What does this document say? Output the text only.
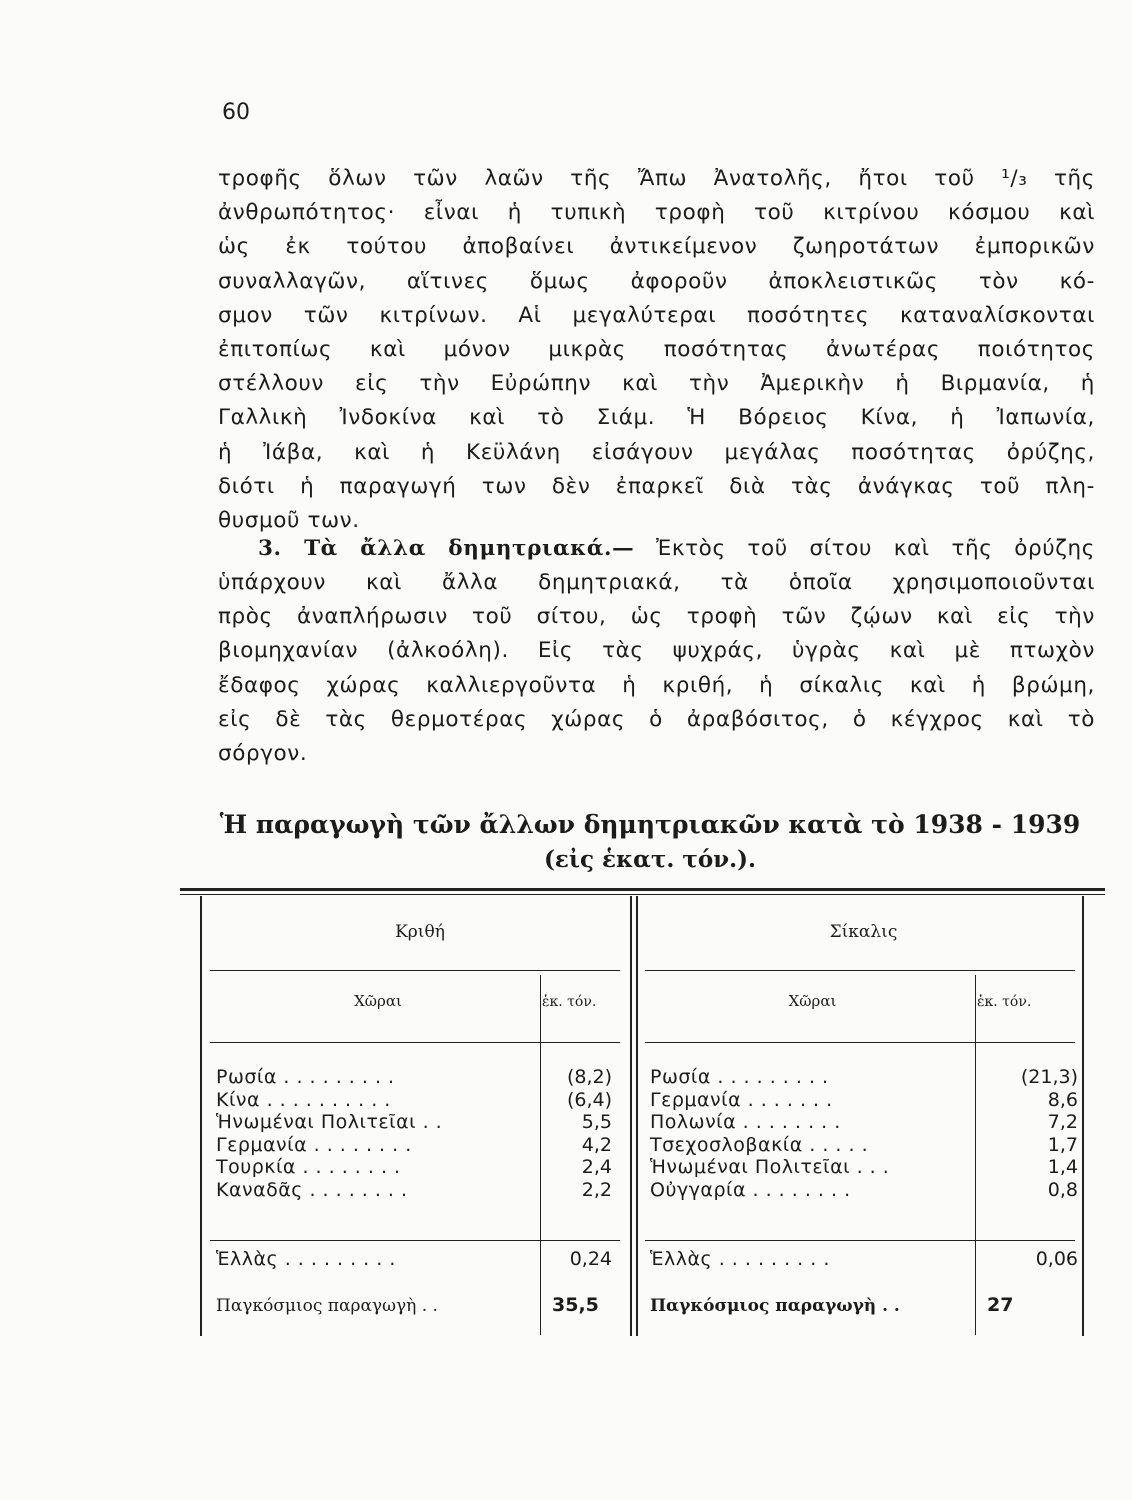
60
3. Τὰ ἄλλα δημητριακά.— Ἐκτὸς τοῦ σίτου καὶ τῆς ὀρύζης
Ἡ παραγωγὴ τῶν ἄλλων δημητριακῶν κατὰ τὸ 1938 - 1939
(εἰς ἑκατ. τόν.).
τροφῆς ὅλων τῶν λαῶν τῆς Ἄπω Ἀνατολῆς, ἤτοι τοῦ ¹/₃ τῆς
ἀνθρωπότητος· εἶναι ἡ τυπικὴ τροφὴ τοῦ κιτρίνου κόσμου καὶ
ὡς ἐκ τούτου ἀποβαίνει ἀντικείμενον ζωηροτάτων ἐμπορικῶν
συναλλαγῶν, αἵτινες ὅμως ἀφοροῦν ἀποκλειστικῶς τὸν κό-
σμον τῶν κιτρίνων. Αἱ μεγαλύτεραι ποσότητες καταναλίσκονται
ἐπιτοπίως καὶ μόνον μικρὰς ποσότητας ἀνωτέρας ποιότητος
στέλλουν εἰς τὴν Εὐρώπην καὶ τὴν Ἀμερικὴν ἡ Βιρμανία, ἡ
Γαλλικὴ Ἰνδοκίνα καὶ τὸ Σιάμ. Ἡ Βόρειος Κίνα, ἡ Ἰαπωνία,
ἡ Ἰάβα, καὶ ἡ Κεϋλάνη εἰσάγουν μεγάλας ποσότητας ὀρύζης,
διότι ἡ παραγωγή των δὲν ἐπαρκεῖ διὰ τὰς ἀνάγκας τοῦ πλη-
θυσμοῦ των.
ὑπάρχουν καὶ ἄλλα δημητριακά, τὰ ὁποῖα χρησιμοποιοῦνται
πρὸς ἀναπλήρωσιν τοῦ σίτου, ὡς τροφὴ τῶν ζῴων καὶ εἰς τὴν
βιομηχανίαν (ἀλκοόλη). Εἰς τὰς ψυχράς, ὑγρὰς καὶ μὲ πτωχὸν
ἔδαφος χώρας καλλιεργοῦντα ἡ κριθή, ἡ σίκαλις καὶ ἡ βρώμη,
εἰς δὲ τὰς θερμοτέρας χώρας ὁ ἀραβόσιτος, ὁ κέγχρος καὶ τὸ
σόργον.
Κριθή
Χῶραι	ἑκ. τόν.
Ρωσία . . . . . . . . .	(8,2)
Κίνα . . . . . . . . . .	(6,4)
Ἡνωμέναι Πολιτεῖαι . .	5,5
Γερμανία . . . . . . . .	4,2
Τουρκία . . . . . . . .	2,4
Καναδᾶς . . . . . . . .	2,2
Ἑλλὰς . . . . . . . . .	0,24
Παγκόσμιος παραγωγὴ . .	35,5
Σίκαλις
Χῶραι	ἑκ. τόν.
Ρωσία . . . . . . . . .	(21,3)
Γερμανία . . . . . . .	8,6
Πολωνία . . . . . . . .	7,2
Τσεχοσλοβακία . . . . .	1,7
Ἡνωμέναι Πολιτεῖαι . . .	1,4
Οὐγγαρία . . . . . . . .	0,8
Ἑλλὰς . . . . . . . . .	0,06
Παγκόσμιος παραγωγὴ . .	27
